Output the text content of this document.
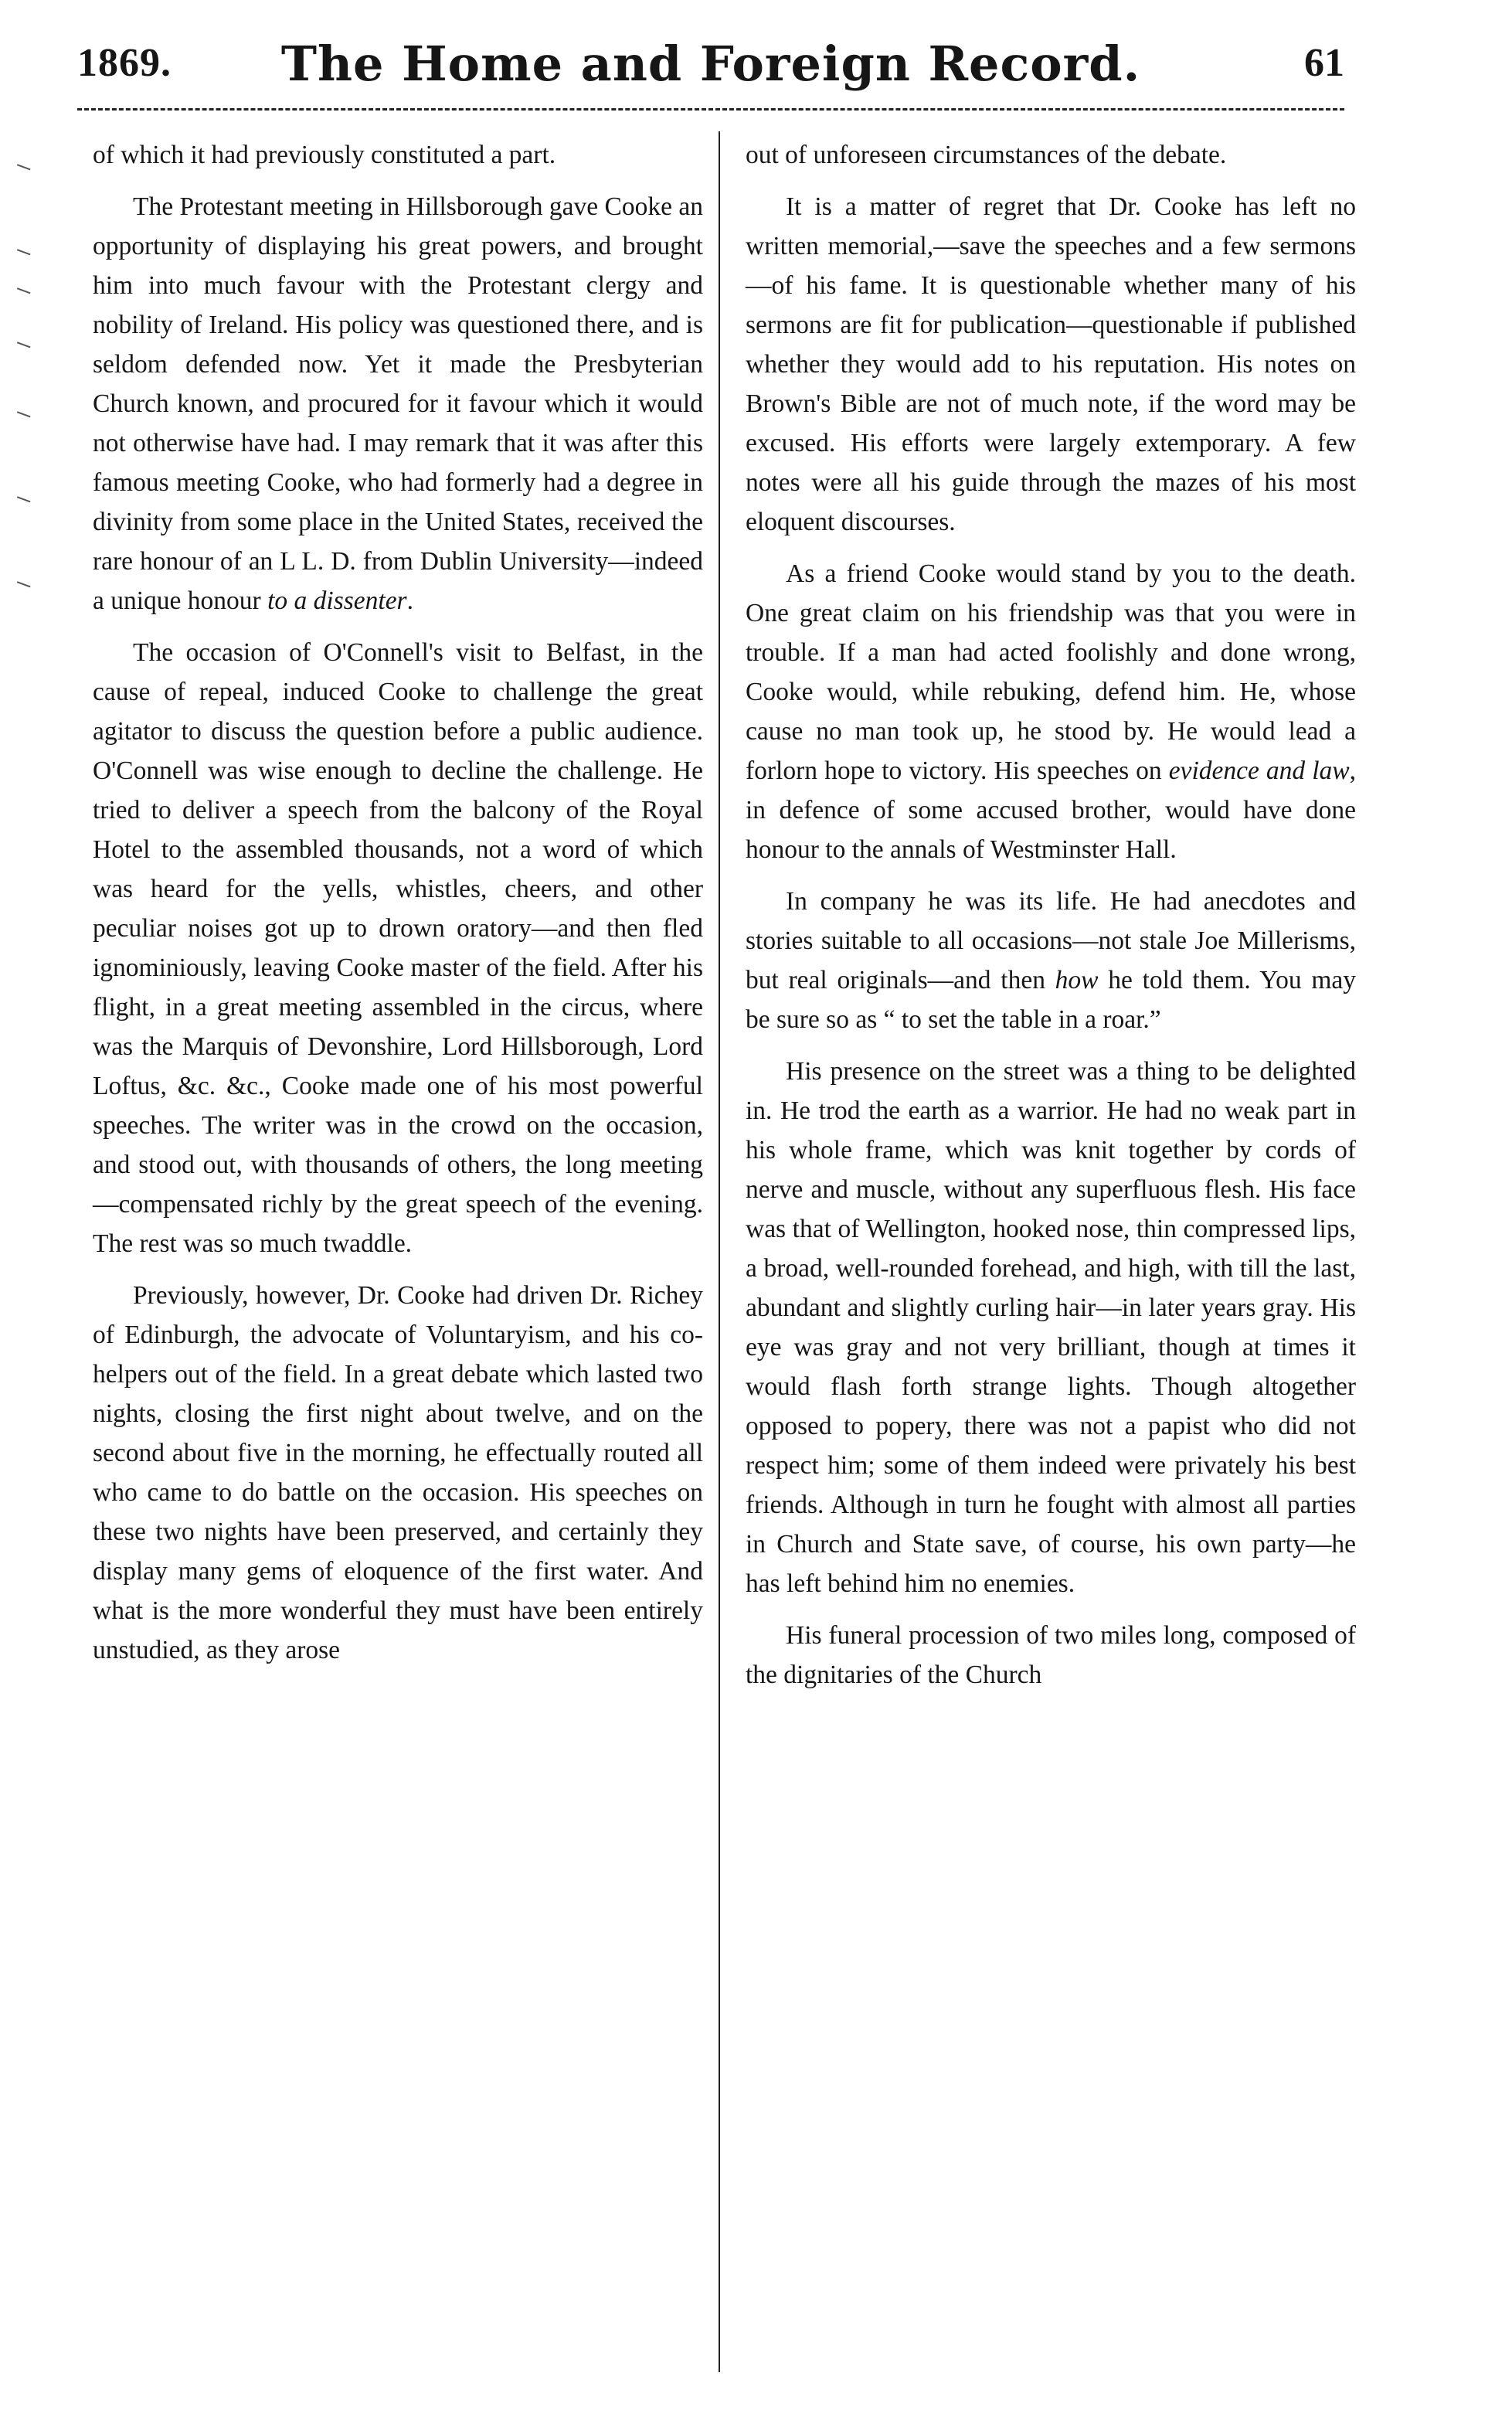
1869.	The Home and Foreign Record.	61

of which it had previously constituted a part.

The Protestant meeting in Hillsborough gave Cooke an opportunity of displaying his great powers, and brought him into much favour with the Protestant clergy and nobility of Ireland. His policy was questioned there, and is seldom defended now. Yet it made the Presbyterian Church known, and procured for it favour which it would not otherwise have had. I may remark that it was after this famous meeting Cooke, who had formerly had a degree in divinity from some place in the United States, received the rare honour of an L L. D. from Dublin University—indeed a unique honour to a dissenter.

The occasion of O'Connell's visit to Belfast, in the cause of repeal, induced Cooke to challenge the great agitator to discuss the question before a public audience. O'Connell was wise enough to decline the challenge. He tried to deliver a speech from the balcony of the Royal Hotel to the assembled thousands, not a word of which was heard for the yells, whistles, cheers, and other peculiar noises got up to drown oratory—and then fled ignominiously, leaving Cooke master of the field. After his flight, in a great meeting assembled in the circus, where was the Marquis of Devonshire, Lord Hillsborough, Lord Loftus, &c. &c., Cooke made one of his most powerful speeches. The writer was in the crowd on the occasion, and stood out, with thousands of others, the long meeting—compensated richly by the great speech of the evening. The rest was so much twaddle.

Previously, however, Dr. Cooke had driven Dr. Richey of Edinburgh, the advocate of Voluntaryism, and his co-helpers out of the field. In a great debate which lasted two nights, closing the first night about twelve, and on the second about five in the morning, he effectually routed all who came to do battle on the occasion. His speeches on these two nights have been preserved, and certainly they display many gems of eloquence of the first water. And what is the more wonderful they must have been entirely unstudied, as they arose

out of unforeseen circumstances of the debate.

It is a matter of regret that Dr. Cooke has left no written memorial,—save the speeches and a few sermons—of his fame. It is questionable whether many of his sermons are fit for publication—questionable if published whether they would add to his reputation. His notes on Brown's Bible are not of much note, if the word may be excused. His efforts were largely extemporary. A few notes were all his guide through the mazes of his most eloquent discourses.

As a friend Cooke would stand by you to the death. One great claim on his friendship was that you were in trouble. If a man had acted foolishly and done wrong, Cooke would, while rebuking, defend him. He, whose cause no man took up, he stood by. He would lead a forlorn hope to victory. His speeches on evidence and law, in defence of some accused brother, would have done honour to the annals of Westminster Hall.

In company he was its life. He had anecdotes and stories suitable to all occasions—not stale Joe Millerisms, but real originals—and then how he told them. You may be sure so as “ to set the table in a roar.”

His presence on the street was a thing to be delighted in. He trod the earth as a warrior. He had no weak part in his whole frame, which was knit together by cords of nerve and muscle, without any superfluous flesh. His face was that of Wellington, hooked nose, thin compressed lips, a broad, well-rounded forehead, and high, with till the last, abundant and slightly curling hair—in later years gray. His eye was gray and not very brilliant, though at times it would flash forth strange lights. Though altogether opposed to popery, there was not a papist who did not respect him; some of them indeed were privately his best friends. Although in turn he fought with almost all parties in Church and State save, of course, his own party—he has left behind him no enemies.

His funeral procession of two miles long, composed of the dignitaries of the Church
